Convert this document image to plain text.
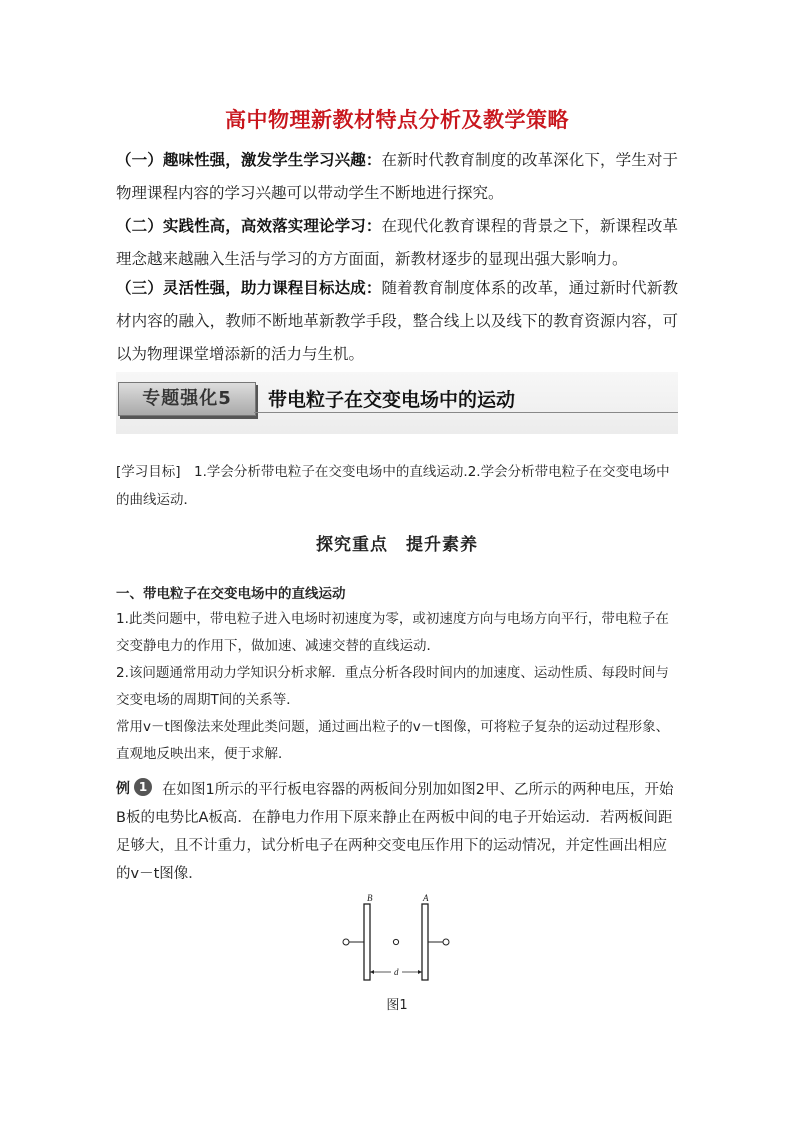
高中物理新教材特点分析及教学策略
（一）趣味性强，激发学生学习兴趣：在新时代教育制度的改革深化下，学生对于物理课程内容的学习兴趣可以带动学生不断地进行探究。
（二）实践性高，高效落实理论学习：在现代化教育课程的背景之下，新课程改革理念越来越融入生活与学习的方方面面，新教材逐步的显现出强大影响力。
（三）灵活性强，助力课程目标达成：随着教育制度体系的改革，通过新时代新教材内容的融入，教师不断地革新教学手段，整合线上以及线下的教育资源内容，可以为物理课堂增添新的活力与生机。
专题强化5	带电粒子在交变电场中的运动
[学习目标]　1.学会分析带电粒子在交变电场中的直线运动.2.学会分析带电粒子在交变电场中的曲线运动．
探究重点　提升素养
一、带电粒子在交变电场中的直线运动
1.此类问题中，带电粒子进入电场时初速度为零，或初速度方向与电场方向平行，带电粒子在交变静电力的作用下，做加速、减速交替的直线运动．
2.该问题通常用动力学知识分析求解．重点分析各段时间内的加速度、运动性质、每段时间与交变电场的周期T间的关系等．
常用v－t图像法来处理此类问题，通过画出粒子的v－t图像，可将粒子复杂的运动过程形象、直观地反映出来，便于求解．
例 1	在如图1所示的平行板电容器的两板间分别加如图2甲、乙所示的两种电压，开始B板的电势比A板高．在静电力作用下原来静止在两板中间的电子开始运动．若两板间距足够大，且不计重力，试分析电子在两种交变电压作用下的运动情况，并定性画出相应的v－t图像．
B	A
d
图1
